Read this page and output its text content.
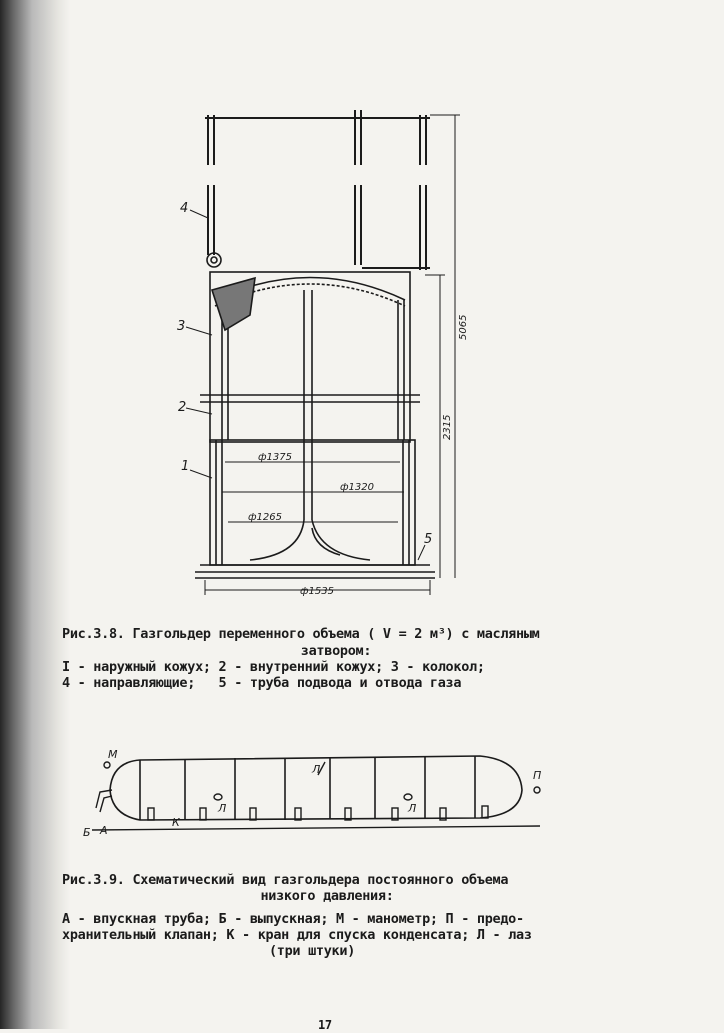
1
2
3
4
5
5065
2315
ф1375
ф1320
ф1265
ф1535
Рис.3.8. Газгольдер переменного объема ( V = 2 м³) с масляным
затвором:
I - наружный кожух; 2 - внутренний кожух; 3 - колокол;
4 - направляющие;   5 - труба подвода и отвода газа
М
Б А
К
Л
Л	Л
П
Рис.3.9. Схематический вид газгольдера постоянного объема
низкого давления:
А - впускная труба; Б - выпускная; М - манометр; П - предо-
хранительный клапан; К - кран для спуска конденсата; Л - лаз
(три штуки)
17
